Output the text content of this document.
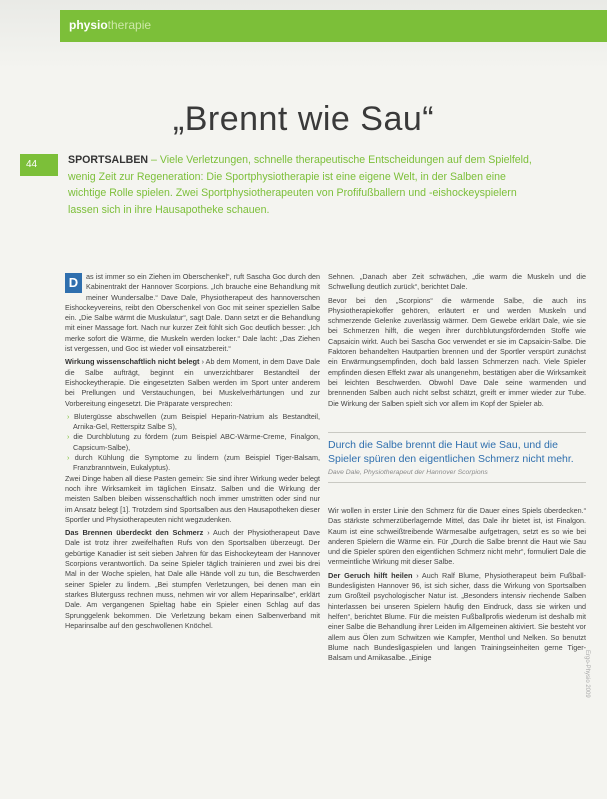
physiotherapie
„Brennt wie Sau“
44	SPORTSALBEN – Viele Verletzungen, schnelle therapeutische Entscheidungen auf dem Spielfeld, wenig Zeit zur Regeneration: Die Sportphysiotherapie ist eine eigene Welt, in der Salben eine wichtige Rolle spielen. Zwei Sportphysiotherapeuten von Profifußballern und -eishockeyspielern lassen sich in ihre Hausapotheke schauen.

D	as ist immer so ein Ziehen im Oberschenkel“, ruft Sascha Goc durch den Kabinentrakt der Hannover Scorpions. „Ich brauche eine Behandlung mit meiner Wundersalbe.“ Dave Dale, Physiotherapeut des hannoverschen Eishockeyvereins, reibt den Oberschenkel von Goc mit seiner speziellen Salbe ein. „Die Salbe wärmt die Muskulatur“, sagt Dale. Dann setzt er die Behandlung mit einer Massage fort. Nach nur kurzer Zeit fühlt sich Goc deutlich besser: „Ich merke sofort die Wärme, die Muskeln werden locker.“ Dale lacht: „Das Ziehen ist vergessen, und Goc ist wieder voll einsatzbereit.“

Wirkung wissenschaftlich nicht belegt › Ab dem Moment, in dem Dave Dale die Salbe aufträgt, beginnt ein unverzichtbarer Bestandteil der Eishockeytherapie. Die eingesetzten Salben werden im Sport unter anderem bei Prellungen und Verstauchungen, bei Muskelverhärtungen und zur Vorbereitung eingesetzt. Die Präparate versprechen:

› Blutergüsse abschwellen (zum Beispiel Heparin-Natrium als Bestandteil, Arnika-Gel, Retterspitz Salbe S),
› die Durchblutung zu fördern (zum Beispiel ABC-Wärme-Creme, Finalgon, Capsicum-Salbe),
› durch Kühlung die Symptome zu lindern (zum Beispiel Tiger-Balsam, Franzbranntwein, Eukalyptus).

Zwei Dinge haben all diese Pasten gemein: Sie sind ihrer Wirkung weder belegt noch ihre Wirksamkeit im täglichen Einsatz. Salben und die Wirkung der meisten Salben bleiben wissenschaftlich noch immer umstritten oder sind nur im Ansatz belegt [1]. Trotzdem sind Sportsalben aus den Hausapotheken dieser Sportler und Physiotherapeuten nicht wegzudenken.

Das Brennen überdeckt den Schmerz › Auch der Physiotherapeut Dave Dale ist trotz ihrer zweifelhaften Rufs von den Sportsalben überzeugt. Der gebürtige Kanadier ist seit sieben Jahren für das Eishockeyteam der Hannover Scorpions verantwortlich. Da seine Spieler täglich trainieren und zwei bis drei Mal in der Woche spielen, hat Dale alle Hände voll zu tun, die Beschwerden seiner Spieler zu lindern. „Bei stumpfen Verletzungen, bei denen man ein starkes Bluterguss rechnen muss, nehmen wir vor allem Heparinsalbe“, erklärt Dale. Am vergangenen Spieltag habe ein Spieler einen Schlag auf das Sprunggelenk bekommen. Die Verletzung bekam einen Salbenverband mit Heparinsalbe auf den geschwollenen Knöchel.

Sehnen. „Danach aber Zeit schwächen, „die warm die Muskeln und die Schwellung deutlich zurück“, berichtet Dale.

Bevor bei den „Scorpions“ die wärmende Salbe, die auch ins Physiotherapiekoffer gehören, erläutert er und werden Muskeln und schmerzende Gelenke zuverlässig wärmer. Dem Gewebe erklärt Dale, wie sie bei Schmerzen hilft, die wegen ihrer durchblutungsfördernden Stoffe wie Capsaicin wirkt. Auch bei Sascha Goc verwendet er sie im Capsaicin-Salbe. Die Faktoren behandelten Hautpartien brennen und der Sportler verspürt zunächst ein Erwärmungsempfinden, doch bald lassen Schmerzen nach. Viele Spieler empfinden diesen Effekt zwar als unangenehm, bestätigen aber die Wirksamkeit bei leichten Beschwerden. Obwohl Dave Dale seine warmenden und brennenden Salben auch nicht selbst schätzt, greift er immer wieder zur Tube. Die Wirkung der Salben spielt sich vor allem im Kopf der Spieler ab.

Durch die Salbe brennt die Haut wie Sau, und die Spieler spüren den eigentlichen Schmerz nicht mehr.
Dave Dale, Physiotherapeut der Hannover Scorpions

Wir wollen in erster Linie den Schmerz für die Dauer eines Spiels überdecken.“ Das stärkste schmerzüberlagernde Mittel, das Dale ihr bietet ist, ist Finalgon. Kaum ist eine schweißtreibende Wärmesalbe aufgetragen, setzt es so wie bei anderen Spielern die Wärme ein. Für „Durch die Salbe brennt die Haut wie Sau und die Spieler spüren den eigentlichen Schmerz nicht mehr“, formuliert Dale die vermeintliche Wirkung mit dieser Salbe.

Der Geruch hilft heilen › Auch Ralf Blume, Physiotherapeut beim Fußball-Bundesligisten Hannover 96, ist sich sicher, dass die Wirkung von Sportsalben zum Großteil psychologischer Natur ist. „Besonders intensiv riechende Salben hinterlassen bei unseren Spielern häufig den Eindruck, dass sie wirken und helfen“, berichtet Blume. Für die meisten Fußballprofis wiederum ist deshalb mit einer Salbe die Behandlung ihrer Leiden im Allgemeinen aktiviert. Sie besteht vor allem aus Ölen zum Schwitzen wie Kampfer, Menthol und Nelken. So benutzt Blume nach Bundesligaspielen und langen Trainingseinheiten gerne Tiger-Balsam und Arnikasalbe. „Einige	Ergo-Physio 2009
